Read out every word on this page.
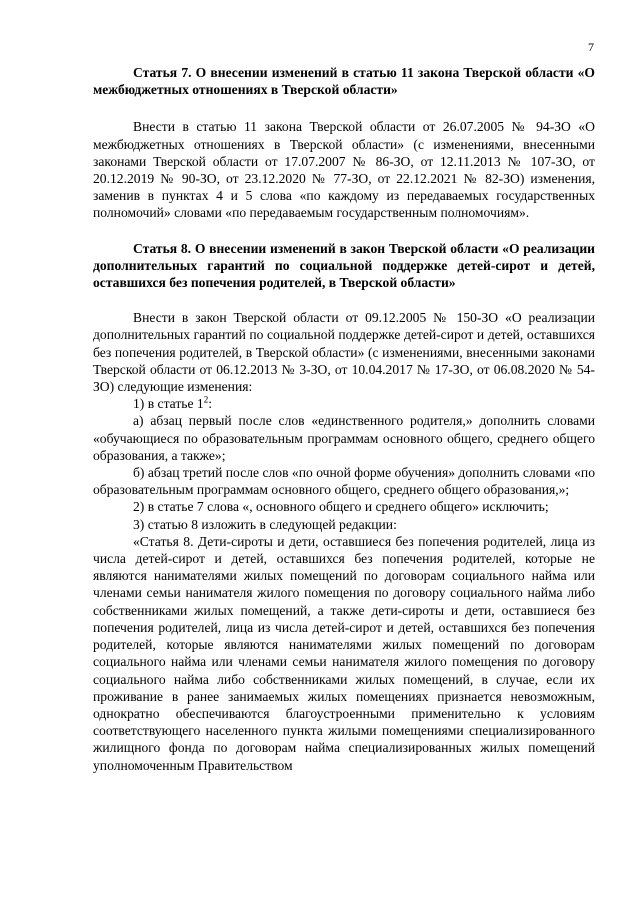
7

Статья 7. О внесении изменений в статью 11 закона Тверской области «О межбюджетных отношениях в Тверской области»

Внести в статью 11 закона Тверской области от 26.07.2005 № 94-ЗО «О межбюджетных отношениях в Тверской области» (с изменениями, внесенными законами Тверской области от 17.07.2007 № 86-ЗО, от 12.11.2013 № 107-ЗО, от 20.12.2019 № 90-ЗО, от 23.12.2020 № 77-ЗО, от 22.12.2021 № 82-ЗО) изменения, заменив в пунктах 4 и 5 слова «по каждому из передаваемых государственных полномочий» словами «по передаваемым государственным полномочиям».

Статья 8. О внесении изменений в закон Тверской области «О реализации дополнительных гарантий по социальной поддержке детей-сирот и детей, оставшихся без попечения родителей, в Тверской области»

Внести в закон Тверской области от 09.12.2005 № 150-ЗО «О реализации дополнительных гарантий по социальной поддержке детей-сирот и детей, оставшихся без попечения родителей, в Тверской области» (с изменениями, внесенными законами Тверской области от 06.12.2013 № 3-ЗО, от 10.04.2017 № 17-ЗО, от 06.08.2020 № 54-ЗО) следующие изменения:

1) в статье $1^2$:

а) абзац первый после слов «единственного родителя,» дополнить словами «обучающиеся по образовательным программам основного общего, среднего общего образования, а также»;

б) абзац третий после слов «по очной форме обучения» дополнить словами «по образовательным программам основного общего, среднего общего образования,»;

2) в статье 7 слова «, основного общего и среднего общего» исключить;

3) статью 8 изложить в следующей редакции:

«Статья 8. Дети-сироты и дети, оставшиеся без попечения родителей, лица из числа детей-сирот и детей, оставшихся без попечения родителей, которые не являются нанимателями жилых помещений по договорам социального найма или членами семьи нанимателя жилого помещения по договору социального найма либо собственниками жилых помещений, а также дети-сироты и дети, оставшиеся без попечения родителей, лица из числа детей-сирот и детей, оставшихся без попечения родителей, которые являются нанимателями жилых помещений по договорам социального найма или членами семьи нанимателя жилого помещения по договору социального найма либо собственниками жилых помещений, в случае, если их проживание в ранее занимаемых жилых помещениях признается невозможным, однократно обеспечиваются благоустроенными применительно к условиям соответствующего населенного пункта жилыми помещениями специализированного жилищного фонда по договорам найма специализированных жилых помещений уполномоченным Правительством
